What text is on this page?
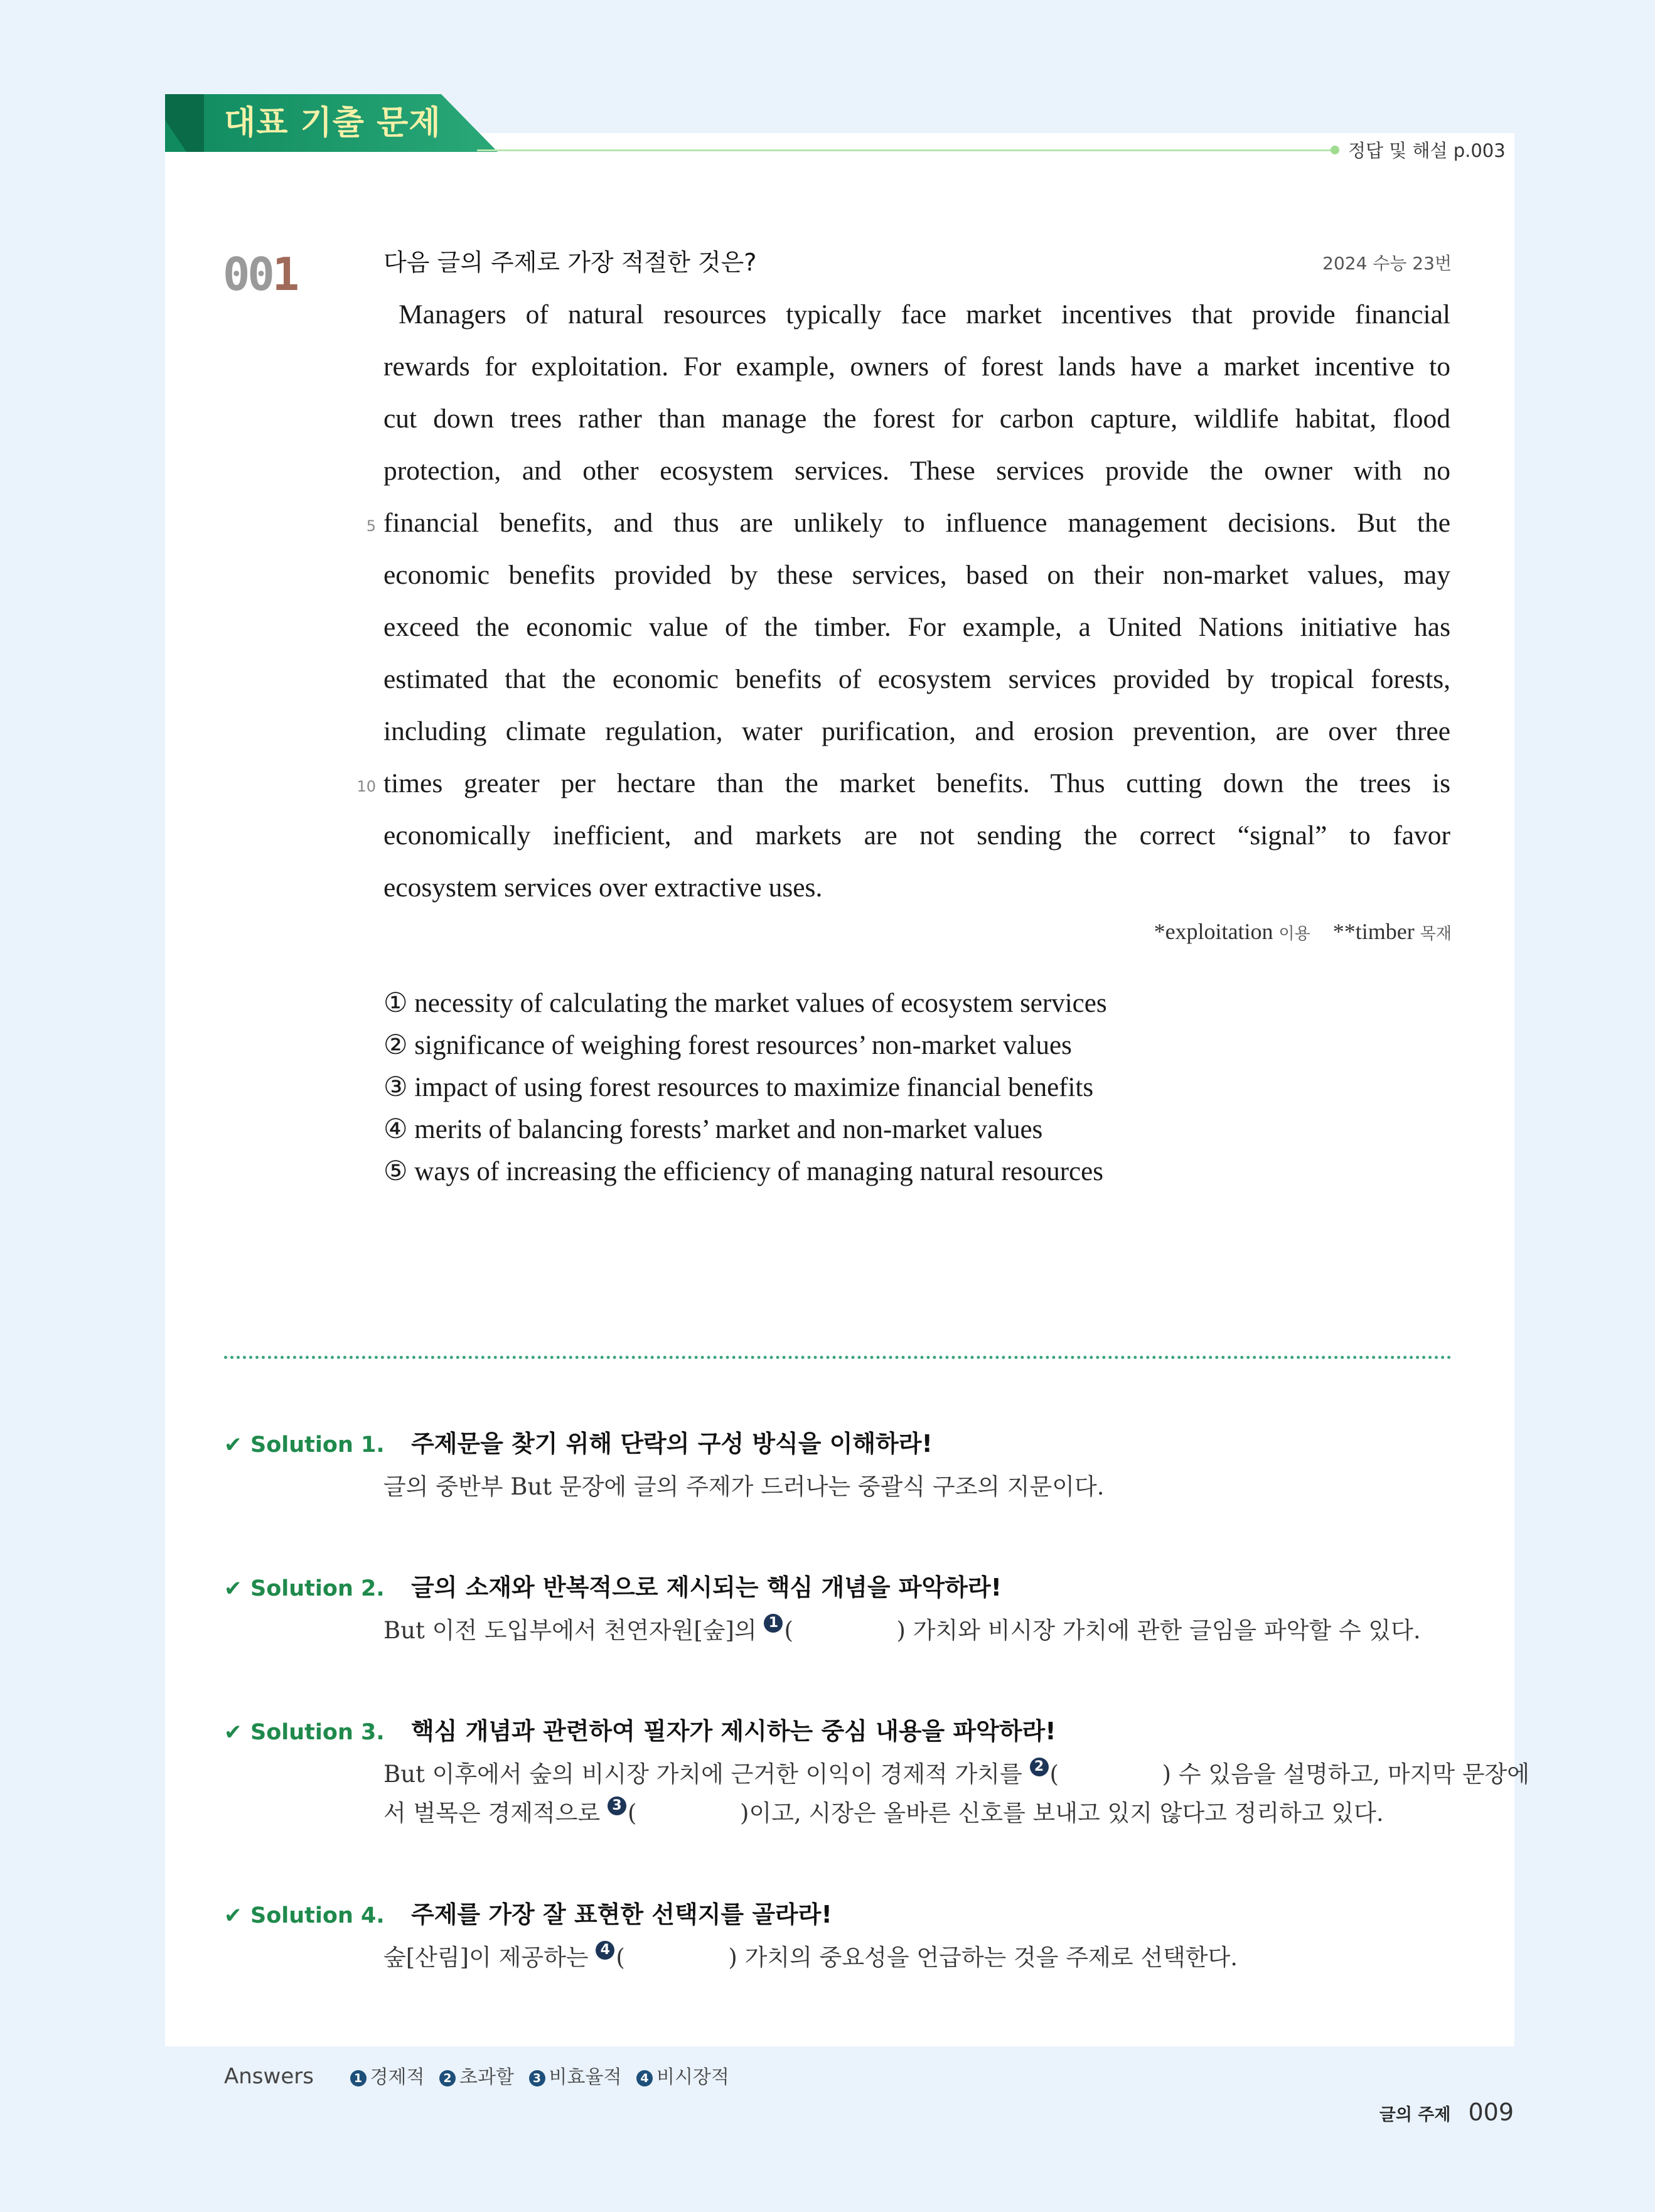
대표 기출 문제
정답 및 해설 p.003
001	다음 글의 주제로 가장 적절한 것은?	2024 수능 23번
Managers of natural resources typically face market incentives that provide financial
rewards for exploitation. For example, owners of forest lands have a market incentive to
cut down trees rather than manage the forest for carbon capture, wildlife habitat, flood
protection, and other ecosystem services. These services provide the owner with no
financial benefits, and thus are unlikely to influence management decisions. But the
economic benefits provided by these services, based on their non-market values, may
exceed the economic value of the timber. For example, a United Nations initiative has
estimated that the economic benefits of ecosystem services provided by tropical forests,
including climate regulation, water purification, and erosion prevention, are over three
times greater per hectare than the market benefits. Thus cutting down the trees is
economically inefficient, and markets are not sending the correct “signal” to favor
ecosystem services over extractive uses.
5
10
*exploitation 이용 **timber 목재
① necessity of calculating the market values of ecosystem services
② significance of weighing forest resources’ non-market values
③ impact of using forest resources to maximize financial benefits
④ merits of balancing forests’ market and non-market values
⑤ ways of increasing the efficiency of managing natural resources
✔ Solution 1. 주제문을 찾기 위해 단락의 구성 방식을 이해하라!
글의 중반부 But 문장에 글의 주제가 드러나는 중괄식 구조의 지문이다.
✔ Solution 2. 글의 소재와 반복적으로 제시되는 핵심 개념을 파악하라!
But 이전 도입부에서 천연자원[숲]의 1 (              ) 가치와 비시장 가치에 관한 글임을 파악할 수 있다.
✔ Solution 3. 핵심 개념과 관련하여 필자가 제시하는 중심 내용을 파악하라!
But 이후에서 숲의 비시장 가치에 근거한 이익이 경제적 가치를 2 (              ) 수 있음을 설명하고, 마지막 문장에
서 벌목은 경제적으로 3 (              )이고, 시장은 올바른 신호를 보내고 있지 않다고 정리하고 있다.
✔ Solution 4. 주제를 가장 잘 표현한 선택지를 골라라!
숲[산림]이 제공하는 4 (              ) 가치의 중요성을 언급하는 것을 주제로 선택한다.
Answers	1 경제적 2 초과할 3 비효율적 4 비시장적
글의 주제 009
